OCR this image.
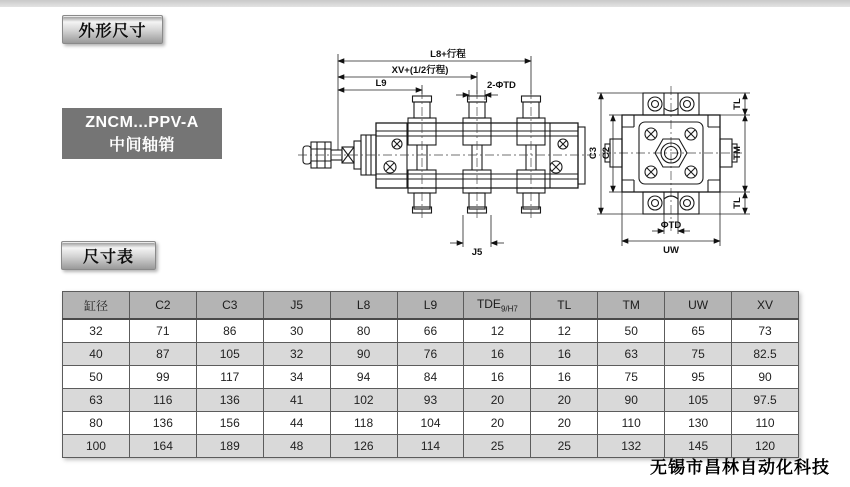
外形尺寸
ZNCM...PPV-A
中间轴销
L8+行程
XV+(1/2行程)
L9	2-ΦTD
J5
C3 C2
TL
TM
TL
ΦTD
UW
尺寸表
缸径	C2	C3	J5	L8	L9	$TDE_{9/H7}$	TL	TM	UW	XV
32	71	86	30	80	66	12	12	50	65	73
40	87	105	32	90	76	16	16	63	75	82.5
50	99	117	34	94	84	16	16	75	95	90
63	116	136	41	102	93	20	20	90	105	97.5
80	136	156	44	118	104	20	20	110	130	110
100	164	189	48	126	114	25	25	132	145	120
无锡市昌林自动化科技
